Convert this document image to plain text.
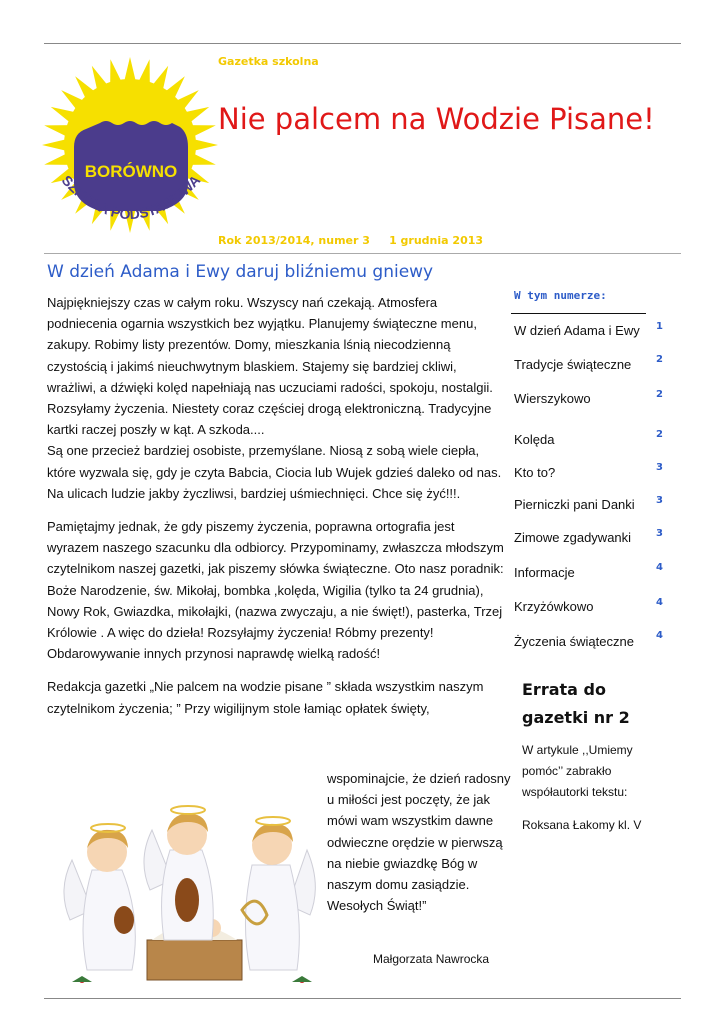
BORÓWNO
SZKOŁA PODSTAWOWA
Gazetka szkolna
Nie palcem na Wodzie Pisane!
Rok 2013/2014, numer 3     1 grudnia 2013
W dzień Adama i Ewy daruj bliźniemu gniewy

Najpiękniejszy czas w całym roku. Wszyscy nań czekają. Atmosfera podniecenia ogarnia wszystkich bez wyjątku. Planujemy świąteczne menu, zakupy. Robimy listy prezentów. Domy, mieszkania lśnią niecodzienną czystością i jakimś nieuchwytnym blaskiem. Stajemy się bardziej ckliwi, wrażliwi, a dźwięki kolęd napełniają nas uczuciami radości, spokoju, nostalgii. Rozsyłamy życzenia. Niestety coraz częściej drogą elektroniczną. Tradycyjne kartki raczej poszły w kąt. A szkoda....

Są one przecież bardziej osobiste, przemyślane. Niosą z sobą wiele ciepła, które wyzwala się, gdy je czyta Babcia, Ciocia lub Wujek gdzieś daleko od nas. Na ulicach ludzie jakby życzliwsi, bardziej uśmiechnięci. Chce się żyć!!!.

Pamiętajmy jednak, że gdy piszemy życzenia, poprawna ortografia jest wyrazem naszego szacunku dla odbiorcy. Przypominamy, zwłaszcza młodszym czytelnikom naszej gazetki, jak piszemy słówka świąteczne. Oto nasz poradnik: Boże Narodzenie, św. Mikołaj, bombka ,kolęda, Wigilia (tylko ta 24 grudnia), Nowy Rok, Gwiazdka, mikołajki, (nazwa zwyczaju, a nie święt!), pasterka, Trzej Królowie . A więc do dzieła! Rozsyłajmy życzenia! Róbmy prezenty! Obdarowywanie innych przynosi naprawdę wielką radość!

Redakcja gazetki „Nie palcem na wodzie pisane ” składa wszystkim naszym czytelnikom życzenia; ” Przy wigilijnym stole łamiąc opłatek święty,

wspominajcie, że dzień radosny u miłości jest poczęty, że jak mówi wam wszystkim dawne odwieczne orędzie w pierwszą na niebie gwiazdkę Bóg w naszym domu zasiądzie. Wesołych Świąt!”
Małgorzata Nawrocka
W tym numerze:
W dzień Adama i Ewy 1
Tradycje świąteczne 2
Wierszykowo	2
Kolęda	2
Kto to?	3
Pierniczki pani Danki 3
Zimowe zgadywanki 3
Informacje	4
Krzyżówkowo	4
Życzenia świąteczne 4
Errata do gazetki nr 2
W artykule ,,Umiemy pomóc’’ zabrakło współautorki tekstu:
Roksana Łakomy kl. V
